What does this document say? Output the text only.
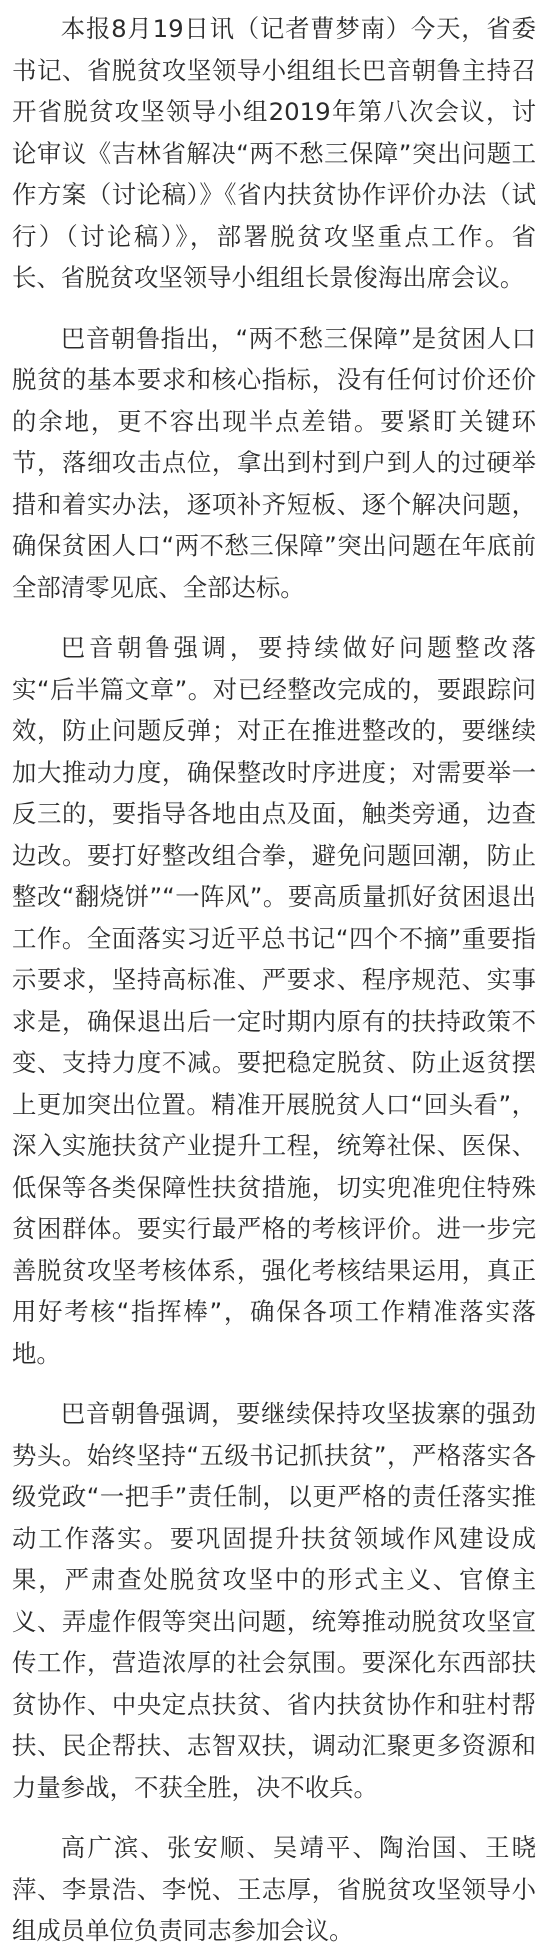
本报8月19日讯（记者曹梦南）今天，省委书记、省脱贫攻坚领导小组组长巴音朝鲁主持召开省脱贫攻坚领导小组2019年第八次会议，讨论审议《吉林省解决“两不愁三保障”突出问题工作方案（讨论稿）》《省内扶贫协作评价办法（试行）（讨论稿）》，部署脱贫攻坚重点工作。省长、省脱贫攻坚领导小组组长景俊海出席会议。

巴音朝鲁指出，“两不愁三保障”是贫困人口脱贫的基本要求和核心指标，没有任何讨价还价的余地，更不容出现半点差错。要紧盯关键环节，落细攻击点位，拿出到村到户到人的过硬举措和着实办法，逐项补齐短板、逐个解决问题，确保贫困人口“两不愁三保障”突出问题在年底前全部清零见底、全部达标。

巴音朝鲁强调，要持续做好问题整改落实“后半篇文章”。对已经整改完成的，要跟踪问效，防止问题反弹；对正在推进整改的，要继续加大推动力度，确保整改时序进度；对需要举一反三的，要指导各地由点及面，触类旁通，边查边改。要打好整改组合拳，避免问题回潮，防止整改“翻烧饼”“一阵风”。要高质量抓好贫困退出工作。全面落实习近平总书记“四个不摘”重要指示要求，坚持高标准、严要求、程序规范、实事求是，确保退出后一定时期内原有的扶持政策不变、支持力度不减。要把稳定脱贫、防止返贫摆上更加突出位置。精准开展脱贫人口“回头看”，深入实施扶贫产业提升工程，统筹社保、医保、低保等各类保障性扶贫措施，切实兜准兜住特殊贫困群体。要实行最严格的考核评价。进一步完善脱贫攻坚考核体系，强化考核结果运用，真正用好考核“指挥棒”，确保各项工作精准落实落地。

巴音朝鲁强调，要继续保持攻坚拔寨的强劲势头。始终坚持“五级书记抓扶贫”，严格落实各级党政“一把手”责任制，以更严格的责任落实推动工作落实。要巩固提升扶贫领域作风建设成果，严肃查处脱贫攻坚中的形式主义、官僚主义、弄虚作假等突出问题，统筹推动脱贫攻坚宣传工作，营造浓厚的社会氛围。要深化东西部扶贫协作、中央定点扶贫、省内扶贫协作和驻村帮扶、民企帮扶、志智双扶，调动汇聚更多资源和力量参战，不获全胜，决不收兵。

高广滨、张安顺、吴靖平、陶治国、王晓萍、李景浩、李悦、王志厚，省脱贫攻坚领导小组成员单位负责同志参加会议。
